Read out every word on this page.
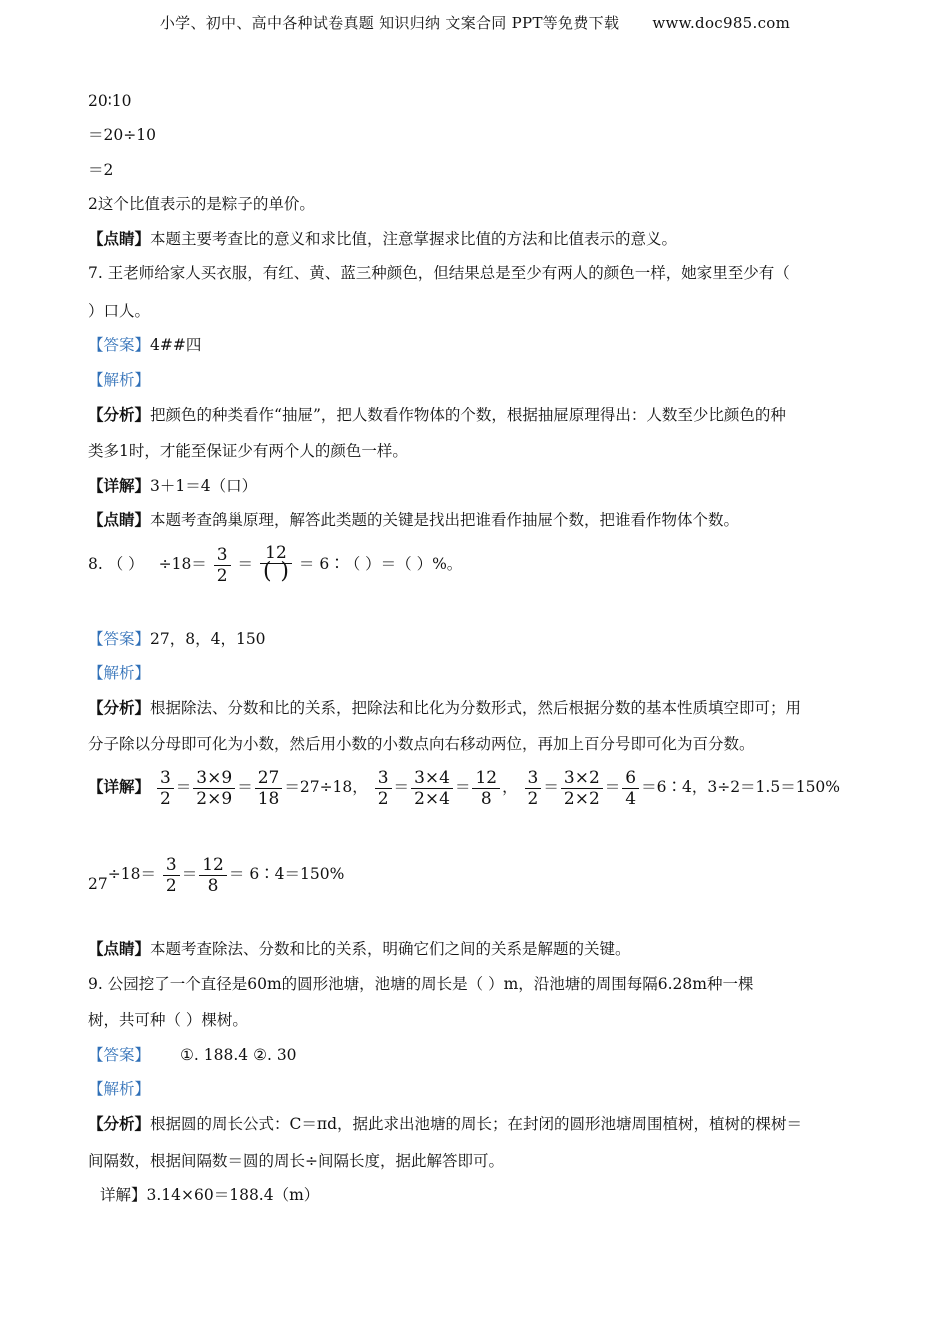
小学、初中、高中各种试卷真题 知识归纳 文案合同 PPT等免费下载 www.doc985.com
20∶10
＝20÷10
＝2
2这个比值表示的是粽子的单价。
【点睛】本题主要考查比的意义和求比值，注意掌握求比值的方法和比值表示的意义。
7. 王老师给家人买衣服，有红、黄、蓝三种颜色，但结果总是至少有两人的颜色一样，她家里至少有（
）口人。
【答案】4##四
【解析】
【分析】把颜色的种类看作“抽屉”，把人数看作物体的个数，根据抽屉原理得出：人数至少比颜色的种
类多1时，才能至保证少有两个人的颜色一样。
【详解】3＋1＝4（口）
【点睛】本题考查鸽巢原理，解答此类题的关键是找出把谁看作抽屉个数，把谁看作物体个数。
8. （ ） $\div 18= \frac{3}{2}$ ＝
12
( )
＝ 6∶（ ）＝（ ）%。
【答案】27，8，4，150
【解析】
【分析】根据除法、分数和比的关系，把除法和比化为分数形式，然后根据分数的基本性质填空即可；用
分子除以分母即可化为小数，然后用小数的小数点向右移动两位，再加上百分号即可化为百分数。
【详解】 $\frac{3}{2} = \frac{3\times 9}{2\times 9} = \frac{27}{18} =27\div 18$， $\frac{3}{2} = \frac{3\times 4}{2\times 4} = \frac{12}{8}$ ， $\frac{3}{2} = \frac{3\times 2}{2\times 2} = \frac{6}{4}$ ＝6∶4，3÷2＝1.5＝150%
$27\div 18= \frac{3}{2} = \frac{12}{8}$ ＝ 6∶4＝150%
【点睛】本题考查除法、分数和比的关系，明确它们之间的关系是解题的关键。
9. 公园挖了一个直径是60m的圆形池塘，池塘的周长是（ ）m，沿池塘的周围每隔6.28m种一棵
树，共可种（ ）棵树。
【答案】 ①. 188.4 ②. 30
【解析】
【分析】根据圆的周长公式：C＝πd，据此求出池塘的周长；在封闭的圆形池塘周围植树，植树的棵树＝
间隔数，根据间隔数＝圆的周长÷间隔长度，据此解答即可。
详解】3.14×60＝188.4（m）
